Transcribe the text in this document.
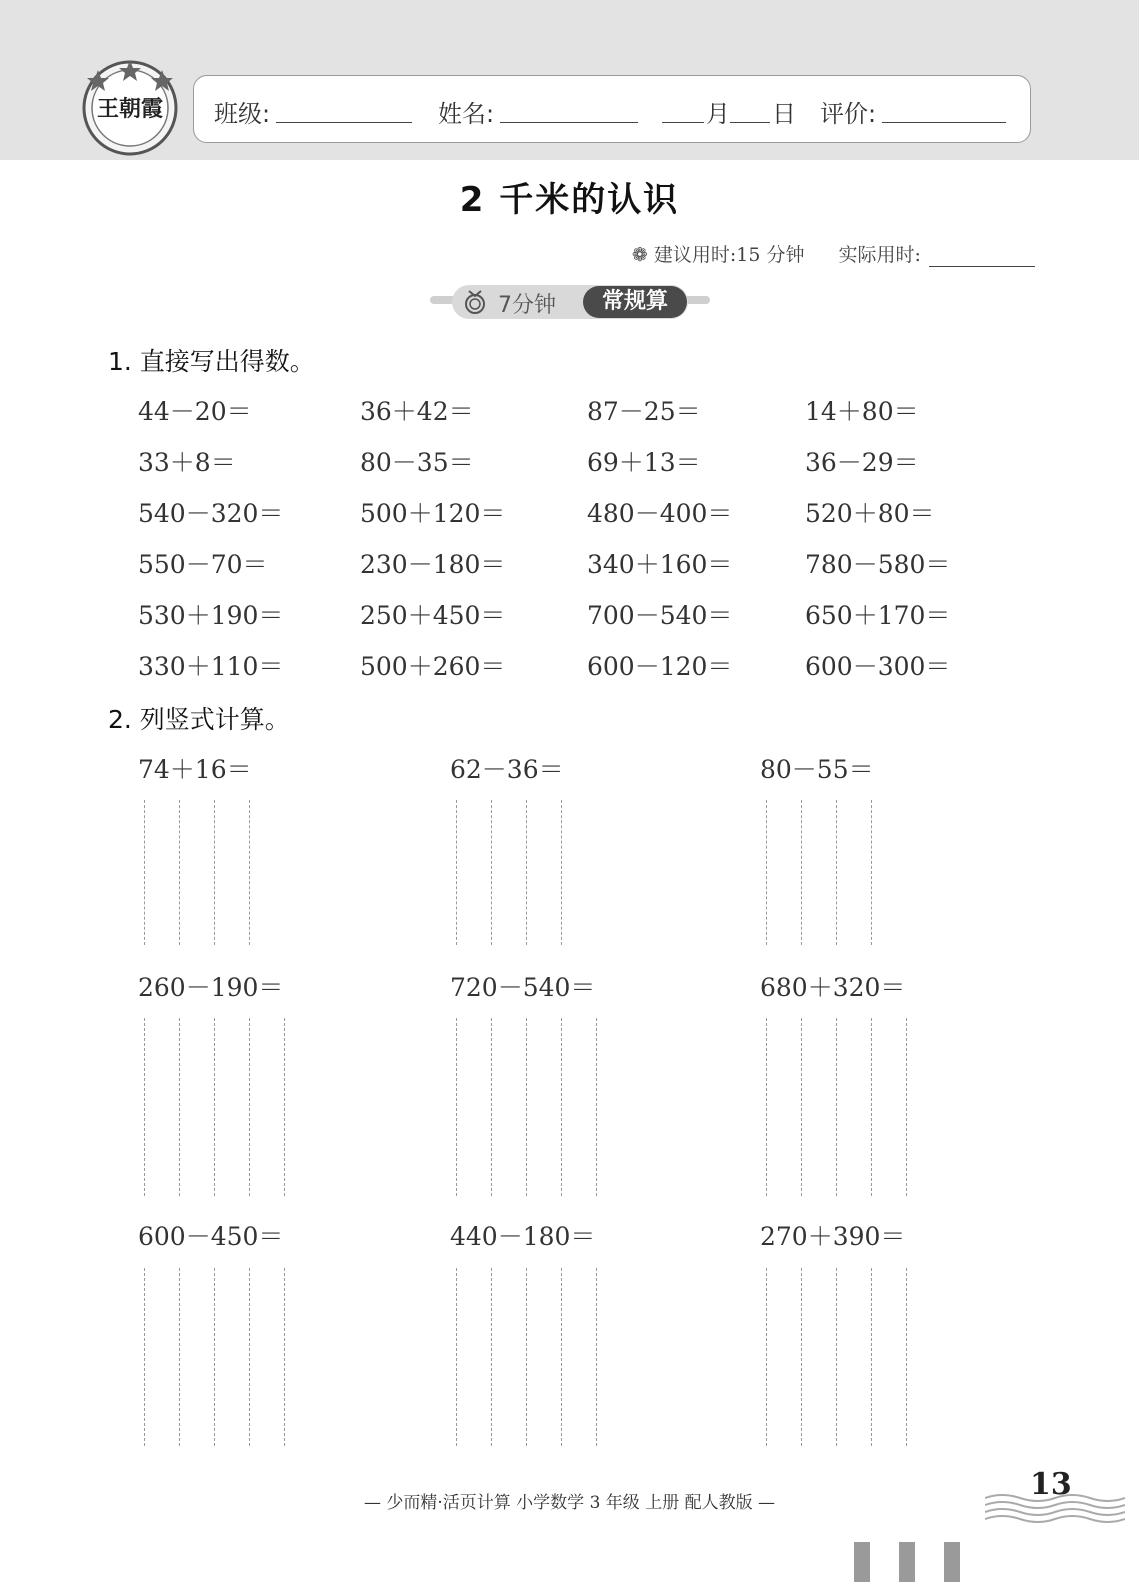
王朝霞 班级:	姓名:	月 日 评价:
2 千米的认识
❁ 建议用时:15 分钟 实际用时:
7分钟	常规算
1. 直接写出得数。
44－20＝	36＋42＝	87－25＝	14＋80＝
33＋8＝	80－35＝	69＋13＝	36－29＝
540－320＝	500＋120＝	480－400＝	520＋80＝
550－70＝	230－180＝	340＋160＝	780－580＝
530＋190＝	250＋450＝	700－540＝	650＋170＝
330＋110＝	500＋260＝	600－120＝	600－300＝
2. 列竖式计算。
74＋16＝	62－36＝	80－55＝
260－190＝	720－540＝	680＋320＝
600－450＝	440－180＝	270＋390＝
— 少而精·活页计算 小学数学 3 年级 上册 配人教版 —
13
